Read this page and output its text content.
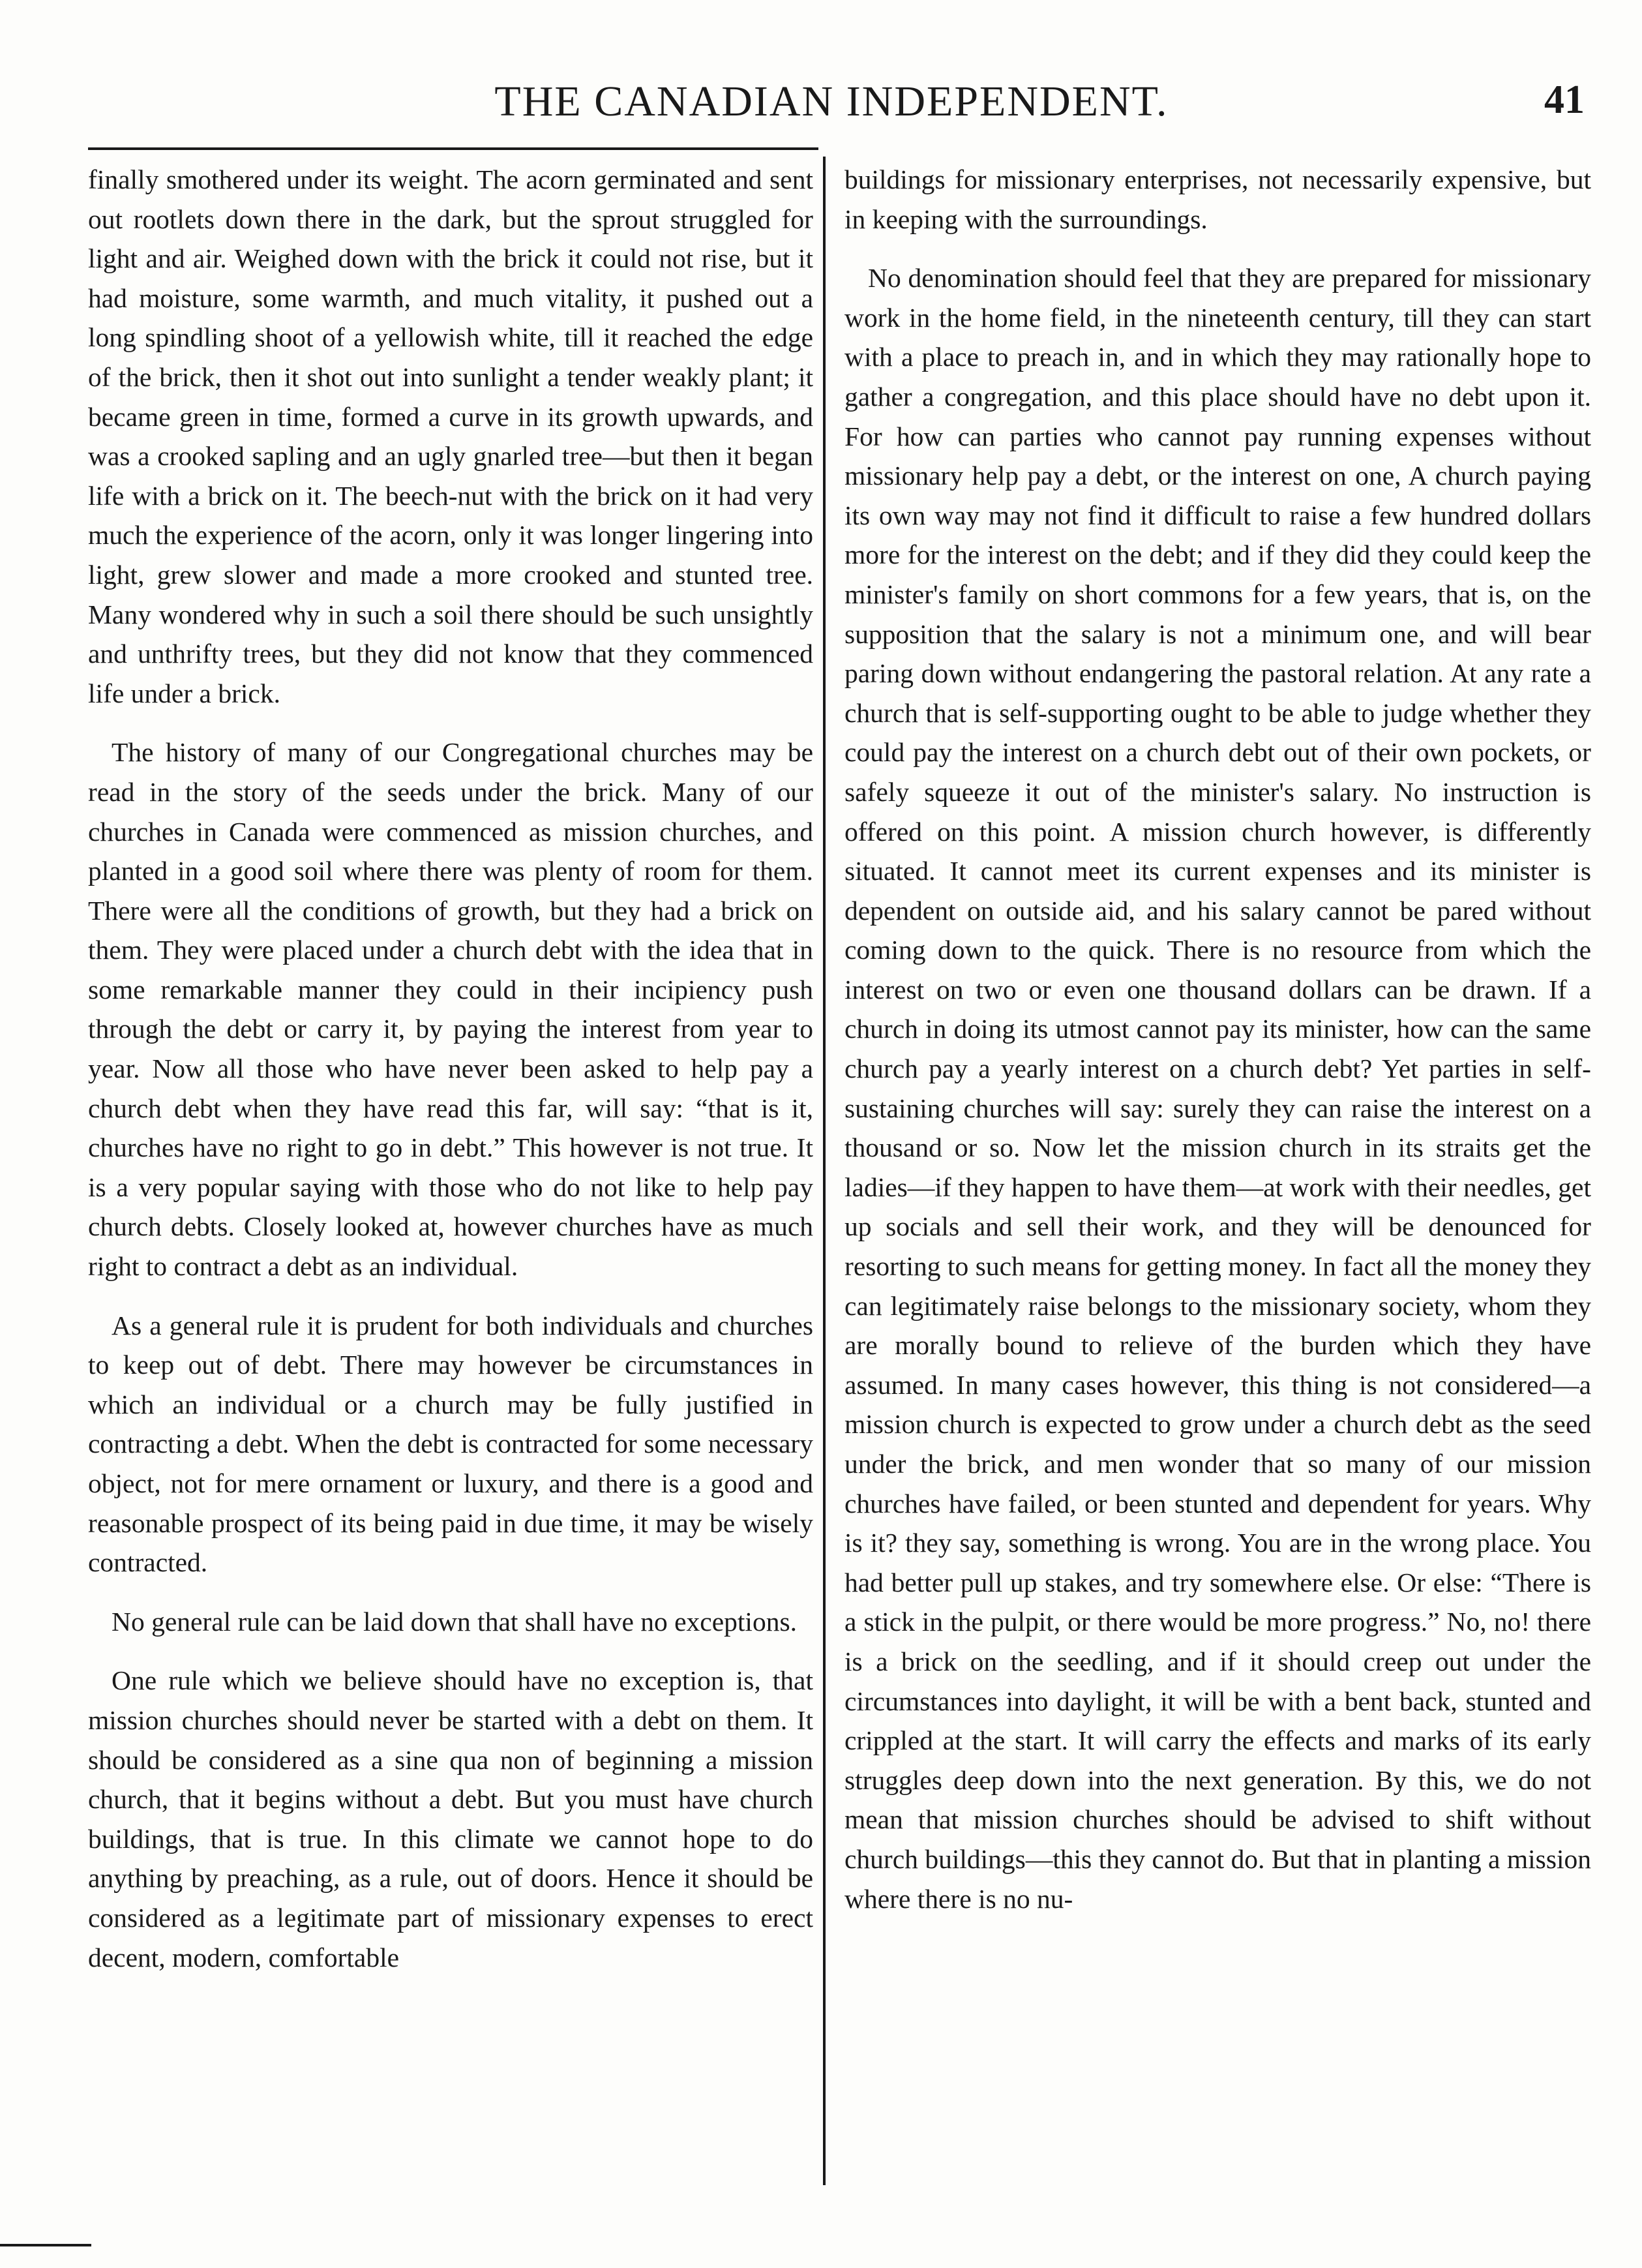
THE CANADIAN INDEPENDENT.	41

finally smothered under its weight. The acorn germinated and sent out rootlets down there in the dark, but the sprout struggled for light and air. Weighed down with the brick it could not rise, but it had moisture, some warmth, and much vitality, it pushed out a long spindling shoot of a yellowish white, till it reached the edge of the brick, then it shot out into sunlight a tender weakly plant; it became green in time, formed a curve in its growth upwards, and was a crooked sapling and an ugly gnarled tree—but then it began life with a brick on it. The beech-nut with the brick on it had very much the experience of the acorn, only it was longer lingering into light, grew slower and made a more crooked and stunted tree. Many wondered why in such a soil there should be such unsightly and unthrifty trees, but they did not know that they commenced life under a brick.

The history of many of our Congregational churches may be read in the story of the seeds under the brick. Many of our churches in Canada were commenced as mission churches, and planted in a good soil where there was plenty of room for them. There were all the conditions of growth, but they had a brick on them. They were placed under a church debt with the idea that in some remarkable manner they could in their incipiency push through the debt or carry it, by paying the interest from year to year. Now all those who have never been asked to help pay a church debt when they have read this far, will say: “that is it, churches have no right to go in debt.” This however is not true. It is a very popular saying with those who do not like to help pay church debts. Closely looked at, however churches have as much right to contract a debt as an individual.

As a general rule it is prudent for both individuals and churches to keep out of debt. There may however be circumstances in which an individual or a church may be fully justified in contracting a debt. When the debt is contracted for some necessary object, not for mere ornament or luxury, and there is a good and reasonable prospect of its being paid in due time, it may be wisely contracted.

No general rule can be laid down that shall have no exceptions.

One rule which we believe should have no exception is, that mission churches should never be started with a debt on them. It should be considered as a sine qua non of beginning a mission church, that it begins without a debt. But you must have church buildings, that is true. In this climate we cannot hope to do anything by preaching, as a rule, out of doors. Hence it should be considered as a legitimate part of missionary expenses to erect decent, modern, comfortable

buildings for missionary enterprises, not necessarily expensive, but in keeping with the surroundings.

No denomination should feel that they are prepared for missionary work in the home field, in the nineteenth century, till they can start with a place to preach in, and in which they may rationally hope to gather a congregation, and this place should have no debt upon it. For how can parties who cannot pay running expenses without missionary help pay a debt, or the interest on one, A church paying its own way may not find it difficult to raise a few hundred dollars more for the interest on the debt; and if they did they could keep the minister's family on short commons for a few years, that is, on the supposition that the salary is not a minimum one, and will bear paring down without endangering the pastoral relation. At any rate a church that is self-supporting ought to be able to judge whether they could pay the interest on a church debt out of their own pockets, or safely squeeze it out of the minister's salary. No instruction is offered on this point. A mission church however, is differently situated. It cannot meet its current expenses and its minister is dependent on outside aid, and his salary cannot be pared without coming down to the quick. There is no resource from which the interest on two or even one thousand dollars can be drawn. If a church in doing its utmost cannot pay its minister, how can the same church pay a yearly interest on a church debt? Yet parties in self-sustaining churches will say: surely they can raise the interest on a thousand or so. Now let the mission church in its straits get the ladies—if they happen to have them—at work with their needles, get up socials and sell their work, and they will be denounced for resorting to such means for getting money. In fact all the money they can legitimately raise belongs to the missionary society, whom they are morally bound to relieve of the burden which they have assumed. In many cases however, this thing is not considered—a mission church is expected to grow under a church debt as the seed under the brick, and men wonder that so many of our mission churches have failed, or been stunted and dependent for years. Why is it? they say, something is wrong. You are in the wrong place. You had better pull up stakes, and try somewhere else. Or else: “There is a stick in the pulpit, or there would be more progress.” No, no! there is a brick on the seedling, and if it should creep out under the circumstances into daylight, it will be with a bent back, stunted and crippled at the start. It will carry the effects and marks of its early struggles deep down into the next generation. By this, we do not mean that mission churches should be advised to shift without church buildings—this they cannot do. But that in planting a mission where there is no nu-
